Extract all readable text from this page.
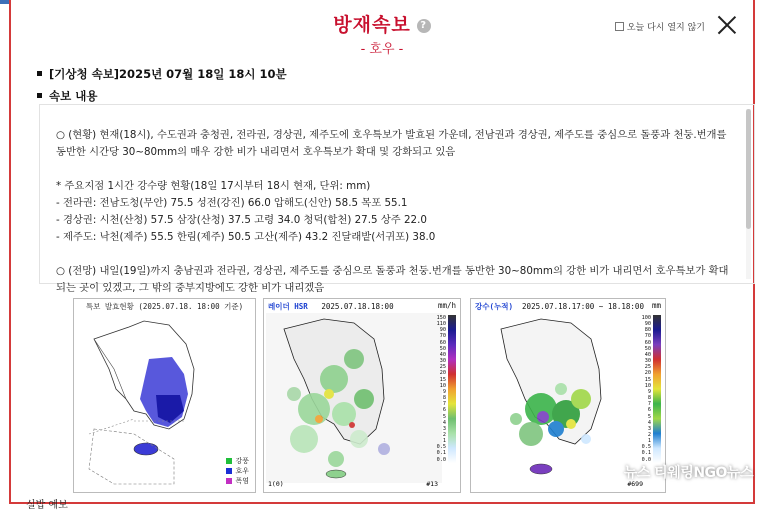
방재속보 ?
- 호우 -
오늘 다시 열지 않기
[기상청 속보]2025년 07월 18일 18시 10분
속보 내용

○ (현황) 현재(18시), 수도권과 충청권, 전라권, 경상권, 제주도에 호우특보가 발효된 가운데, 전남권과 경상권, 제주도를 중심으로 돌풍과 천둥.번개를 동반한 시간당 30~80mm의 매우 강한 비가 내리면서 호우특보가 확대 및 강화되고 있음

* 주요지점 1시간 강수량 현황(18일 17시부터 18시 현재, 단위: mm)

- 전라권: 전남도청(무안) 75.5 성전(강진) 66.0 압해도(신안) 58.5 목포 55.1

- 경상권: 시천(산청) 57.5 삼장(산청) 37.5 고령 34.0 청덕(합천) 27.5 상주 22.0

- 제주도: 낙천(제주) 55.5 한림(제주) 50.5 고산(제주) 43.2 진달래밭(서귀포) 38.0

○ (전망) 내일(19일)까지 충남권과 전라권, 경상권, 제주도를 중심으로 돌풍과 천둥.번개를 동반한 30~80mm의 강한 비가 내리면서 호우특보가 확대되는 곳이 있겠고, 그 밖의 중부지방에도 강한 비가 내리겠음

특보 발효현황 (2025.07.18. 18:00 기준)
강풍
호우
폭염
레이더 HSR 2025.07.18.18:00	mm/h
150
110
90
70
60
50
40
30
25
20
15
10
9
8
7
6
5
4
3
2
1
0.5
0.1
0.0
1(0)	#13
강수(누적) 2025.07.18.17:00 ~ 18.18:00 mm
100
90
80
70
60
50
40
30
25
20
15
10
9
8
7
6
5
4
3
2
1
0.5
0.1
0.0
#699
뉴스 티웨링NGO뉴스
실밥 예보
